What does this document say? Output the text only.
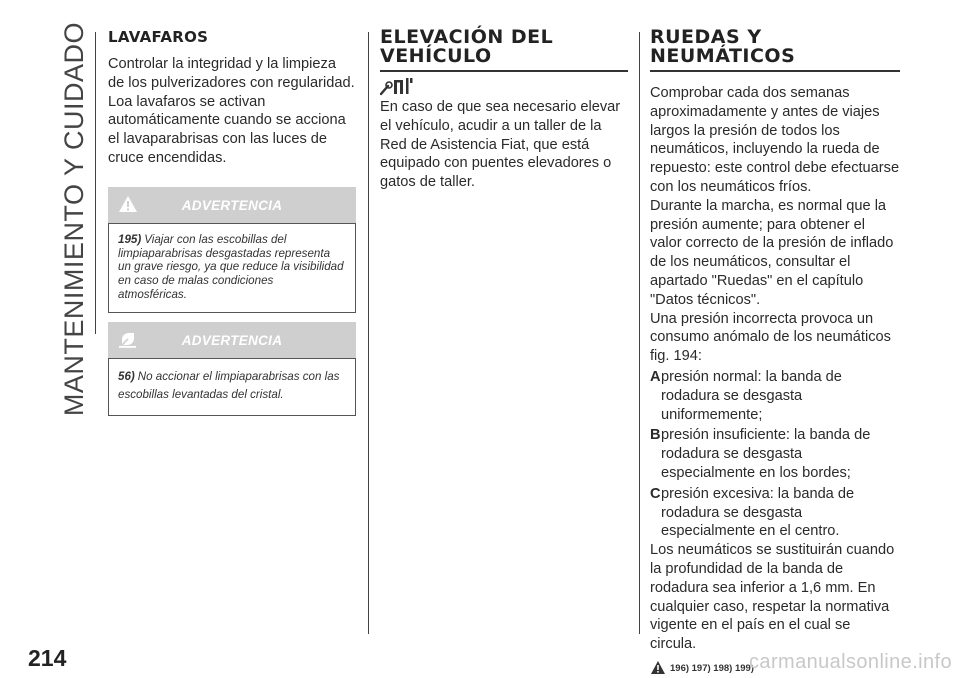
MANTENIMIENTO Y CUIDADO
214
LAVAFAROS

Controlar la integridad y la limpieza de los pulverizadores con regularidad.

Loa lavafaros se activan automáticamente cuando se acciona el lavaparabrisas con las luces de cruce encendidas.

ADVERTENCIA

195) Viajar con las escobillas del limpiaparabrisas desgastadas representa un grave riesgo, ya que reduce la visibilidad en caso de malas condiciones atmosféricas.

ADVERTENCIA

56) No accionar el limpiaparabrisas con las escobillas levantadas del cristal.

ELEVACIÓN DEL
VEHÍCULO

En caso de que sea necesario elevar el vehículo, acudir a un taller de la Red de Asistencia Fiat, que está equipado con puentes elevadores o gatos de taller.

RUEDAS Y
NEUMÁTICOS

Comprobar cada dos semanas aproximadamente y antes de viajes largos la presión de todos los neumáticos, incluyendo la rueda de repuesto: este control debe efectuarse con los neumáticos fríos.

Durante la marcha, es normal que la presión aumente; para obtener el valor correcto de la presión de inflado de los neumáticos, consultar el apartado "Ruedas" en el capítulo "Datos técnicos".

Una presión incorrecta provoca un consumo anómalo de los neumáticos fig. 194:

A presión normal: la banda de rodadura se desgasta uniformemente;
B presión insuficiente: la banda de rodadura se desgasta especialmente en los bordes;
C presión excesiva: la banda de rodadura se desgasta especialmente en el centro.

Los neumáticos se sustituirán cuando la profundidad de la banda de rodadura sea inferior a 1,6 mm. En cualquier caso, respetar la normativa vigente en el país en el cual se circula.

196) 197) 198) 199)
carmanualsonline.info
